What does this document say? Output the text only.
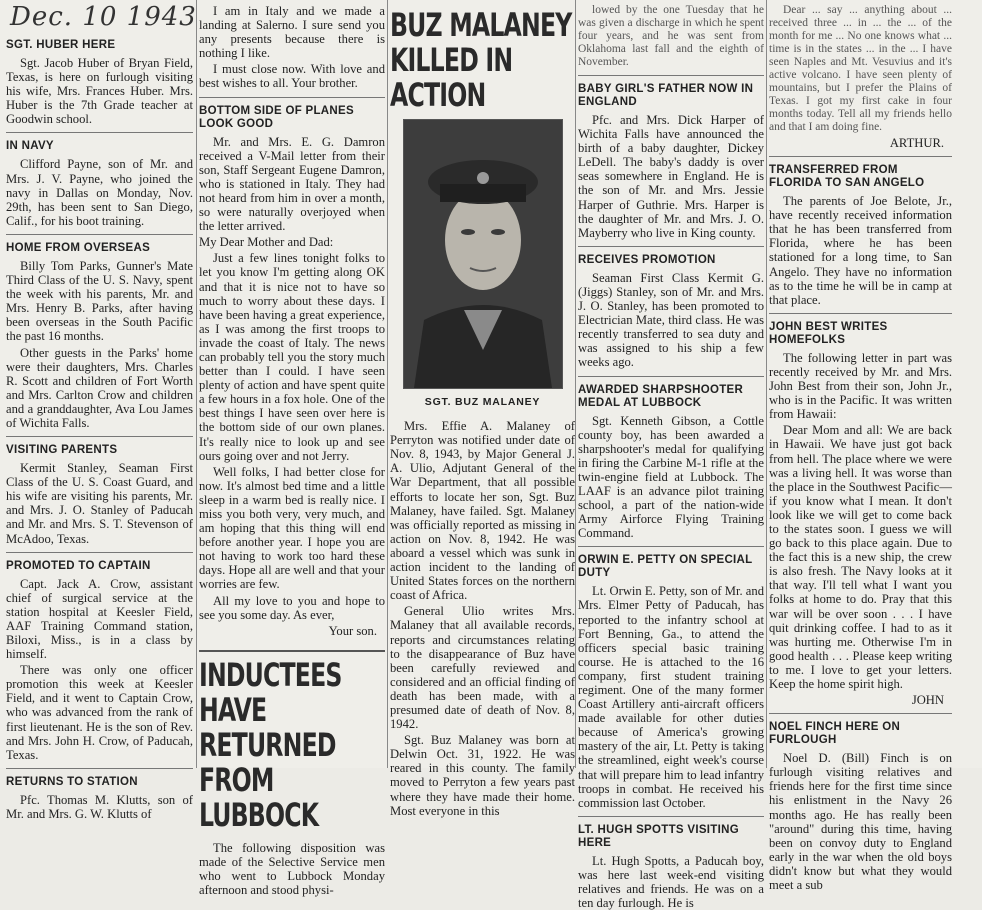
Dec. 10 1943
SGT. HUBER HERE

Sgt. Jacob Huber of Bryan Field, Texas, is here on furlough visiting his wife, Mrs. Frances Huber. Mrs. Huber is the 7th Grade teacher at Goodwin school.

IN NAVY

Clifford Payne, son of Mr. and Mrs. J. V. Payne, who joined the navy in Dallas on Monday, Nov. 29th, has been sent to San Diego, Calif., for his boot training.

HOME FROM OVERSEAS

Billy Tom Parks, Gunner's Mate Third Class of the U. S. Navy, spent the week with his parents, Mr. and Mrs. Henry B. Parks, after having been overseas in the South Pacific the past 16 months.

Other guests in the Parks' home were their daughters, Mrs. Charles R. Scott and children of Fort Worth and Mrs. Carlton Crow and children and a granddaughter, Ava Lou James of Wichita Falls.

VISITING PARENTS

Kermit Stanley, Seaman First Class of the U. S. Coast Guard, and his wife are visiting his parents, Mr. and Mrs. J. O. Stanley of Paducah and Mr. and Mrs. S. T. Stevenson of McAdoo, Texas.

PROMOTED TO CAPTAIN

Capt. Jack A. Crow, assistant chief of surgical service at the station hospital at Keesler Field, AAF Training Command station, Biloxi, Miss., is in a class by himself.

There was only one officer promotion this week at Keesler Field, and it went to Captain Crow, who was advanced from the rank of first lieutenant. He is the son of Rev. and Mrs. John H. Crow, of Paducah, Texas.

RETURNS TO STATION

Pfc. Thomas M. Klutts, son of Mr. and Mrs. G. W. Klutts of

I am in Italy and we made a landing at Salerno. I sure send you any presents because there is nothing I like.

I must close now. With love and best wishes to all. Your brother.

BOTTOM SIDE OF PLANES LOOK GOOD

Mr. and Mrs. E. G. Damron received a V-Mail letter from their son, Staff Sergeant Eugene Damron, who is stationed in Italy. They had not heard from him in over a month, so were naturally overjoyed when the letter arrived.

My Dear Mother and Dad:

Just a few lines tonight folks to let you know I'm getting along OK and that it is nice not to have so much to worry about these days. I have been having a great experience, as I was among the first troops to invade the coast of Italy. The news can probably tell you the story much better than I could. I have seen plenty of action and have spent quite a few hours in a fox hole. One of the best things I have seen over here is the bottom side of our own planes. It's really nice to look up and see ours going over and not Jerry.

Well folks, I had better close for now. It's almost bed time and a little sleep in a warm bed is really nice. I miss you both very, very much, and am hoping that this thing will end before another year. I hope you are not having to work too hard these days. Hope all are well and that your worries are few.

All my love to you and hope to see you some day. As ever,

Your son.

INDUCTEES HAVE RETURNED FROM LUBBOCK

The following disposition was made of the Selective Service men who went to Lubbock Monday afternoon and stood physi-

BUZ MALANEY KILLED IN ACTION
SGT. BUZ MALANEY

Mrs. Effie A. Malaney of Perryton was notified under date of Nov. 8, 1943, by Major General J. A. Ulio, Adjutant General of the War Department, that all possible efforts to locate her son, Sgt. Buz Malaney, have failed. Sgt. Malaney was officially reported as missing in action on Nov. 8, 1942. He was aboard a vessel which was sunk in action incident to the landing of United States forces on the northern coast of Africa.

General Ulio writes Mrs. Malaney that all available records, reports and circumstances relating to the disappearance of Buz have been carefully reviewed and considered and an official finding of death has been made, with a presumed date of death of Nov. 8, 1942.

Sgt. Buz Malaney was born at Delwin Oct. 31, 1922. He was reared in this county. The family moved to Perryton a few years past where they have made their home. Most everyone in this

lowed by the one Tuesday that he was given a discharge in which he spent four years, and he was sent from Oklahoma last fall and the eighth of November.

BABY GIRL'S FATHER NOW IN ENGLAND

Pfc. and Mrs. Dick Harper of Wichita Falls have announced the birth of a baby daughter, Dickey LeDell. The baby's daddy is over seas somewhere in England. He is the son of Mr. and Mrs. Jessie Harper of Guthrie. Mrs. Harper is the daughter of Mr. and Mrs. J. O. Mayberry who live in King county.

RECEIVES PROMOTION

Seaman First Class Kermit G. (Jiggs) Stanley, son of Mr. and Mrs. J. O. Stanley, has been promoted to Electrician Mate, third class. He was recently transferred to sea duty and was assigned to his ship a few weeks ago.

AWARDED SHARPSHOOTER MEDAL AT LUBBOCK

Sgt. Kenneth Gibson, a Cottle county boy, has been awarded a sharpshooter's medal for qualifying in firing the Carbine M-1 rifle at the twin-engine field at Lubbock. The LAAF is an advance pilot training school, a part of the nation-wide Army Airforce Flying Training Command.

ORWIN E. PETTY ON SPECIAL DUTY

Lt. Orwin E. Petty, son of Mr. and Mrs. Elmer Petty of Paducah, has reported to the infantry school at Fort Benning, Ga., to attend the officers special basic training course. He is attached to the 16 company, first student training regiment. One of the many former Coast Artillery anti-aircraft officers made available for other duties because of America's growing mastery of the air, Lt. Petty is taking the streamlined, eight week's course that will prepare him to lead infantry troops in combat. He received his commission last October.

LT. HUGH SPOTTS VISITING HERE

Lt. Hugh Spotts, a Paducah boy, was here last week-end visiting relatives and friends. He was on a ten day furlough. He is

Dear ... say ... anything about ... received three ... in ... the ... of the month for me ... No one knows what ... time is in the states ... in the ... I have seen Naples and Mt. Vesuvius and it's active volcano. I have seen plenty of mountains, but I prefer the Plains of Texas. I got my first cake in four months today. Tell all my friends hello and that I am doing fine.

ARTHUR.

TRANSFERRED FROM FLORIDA TO SAN ANGELO

The parents of Joe Belote, Jr., have recently received information that he has been transferred from Florida, where he has been stationed for a long time, to San Angelo. They have no information as to the time he will be in camp at that place.

JOHN BEST WRITES HOMEFOLKS

The following letter in part was recently received by Mr. and Mrs. John Best from their son, John Jr., who is in the Pacific. It was written from Hawaii:

Dear Mom and all: We are back in Hawaii. We have just got back from hell. The place where we were was a living hell. It was worse than the place in the Southwest Pacific—if you know what I mean. It don't look like we will get to come back to the states soon. I guess we will go back to this place again. Due to the fact this is a new ship, the crew is also fresh. The Navy looks at it that way. I'll tell what I want you folks at home to do. Pray that this war will be over soon . . . I have quit drinking coffee. I had to as it was hurting me. Otherwise I'm in good health . . . Please keep writing to me. I love to get your letters. Keep the home spirit high.

JOHN

NOEL FINCH HERE ON FURLOUGH

Noel D. (Bill) Finch is on furlough visiting relatives and friends here for the first time since his enlistment in the Navy 26 months ago. He has really been "around" during this time, having been on convoy duty to England early in the war when the old boys didn't know but what they would meet a sub
